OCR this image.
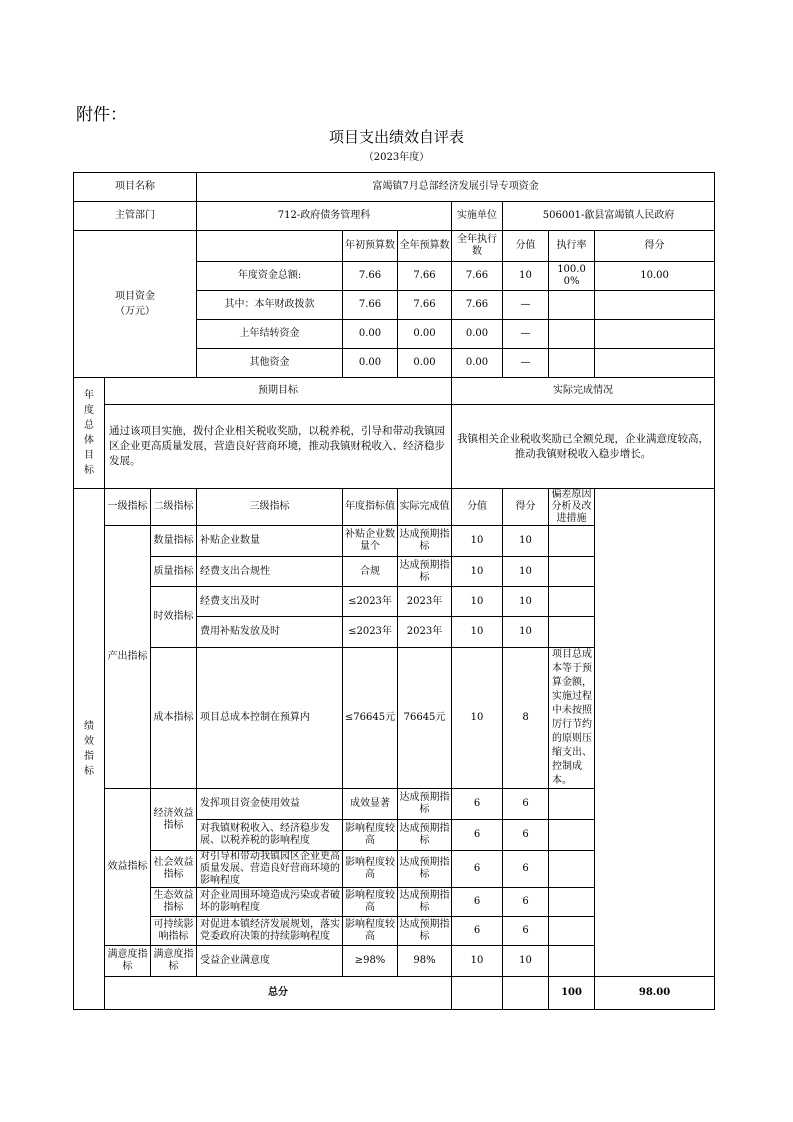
附件：
项目支出绩效自评表
（2023年度）
项目名称			富竭镇7月总部经济发展引导专项资金							
主管部门			712-政府债务管理科			实施单位	506001-歙县富竭镇人民政府			
项目资金
（万元）				年初预算数	全年预算数	全年执行数	分值	执行率	得分	
			年度资金总额:	7.66	7.66	7.66	10	100.00%	10.00	
			其中：本年财政拨款	7.66	7.66	7.66	—			
			上年结转资金	0.00	0.00	0.00	—			
			其他资金	0.00	0.00	0.00	—			
年度总体目标	预期目标					实际完成情况				
	通过该项目实施，拨付企业相关税收奖励，以税养税，引导和带动我镇园区企业更高质量发展，营造良好营商环境，推动我镇财税收入、经济稳步发展。					我镇相关企业税收奖励已全额兑现，企业满意度较高，推动我镇财税收入稳步增长。				
绩效指标	一级指标	二级指标	三级指标	年度指标值	实际完成值	分值	得分	偏差原因分析及改进措施		
	产出指标	数量指标	补贴企业数量	补贴企业数量个	达成预期指标	10	10			
		质量指标	经费支出合规性	合规	达成预期指标	10	10			
		时效指标	经费支出及时	≤2023年	2023年	10	10			
			费用补贴发放及时	≤2023年	2023年	10	10			
		成本指标	项目总成本控制在预算内	≤76645元	76645元	10	8	项目总成本等于预算金额，实施过程中未按照厉行节约的原则压缩支出、控制成本。		
	效益指标	经济效益指标	发挥项目资金使用效益	成效显著	达成预期指标	6	6			
			对我镇财税收入、经济稳步发展、以税养税的影响程度	影响程度较高	达成预期指标	6	6			
		社会效益指标	对引导和带动我镇园区企业更高质量发展、营造良好营商环境的影响程度	影响程度较高	达成预期指标	6	6			
		生态效益指标	对企业周围环境造成污染或者破坏的影响程度	影响程度较高	达成预期指标	6	6			
		可持续影响指标	对促进本镇经济发展规划，落实党委政府决策的持续影响程度	影响程度较高	达成预期指标	6	6			
	满意度指标	满意度指标	受益企业满意度	≥98%	98%	10	10			
	总分							100	98.00	
